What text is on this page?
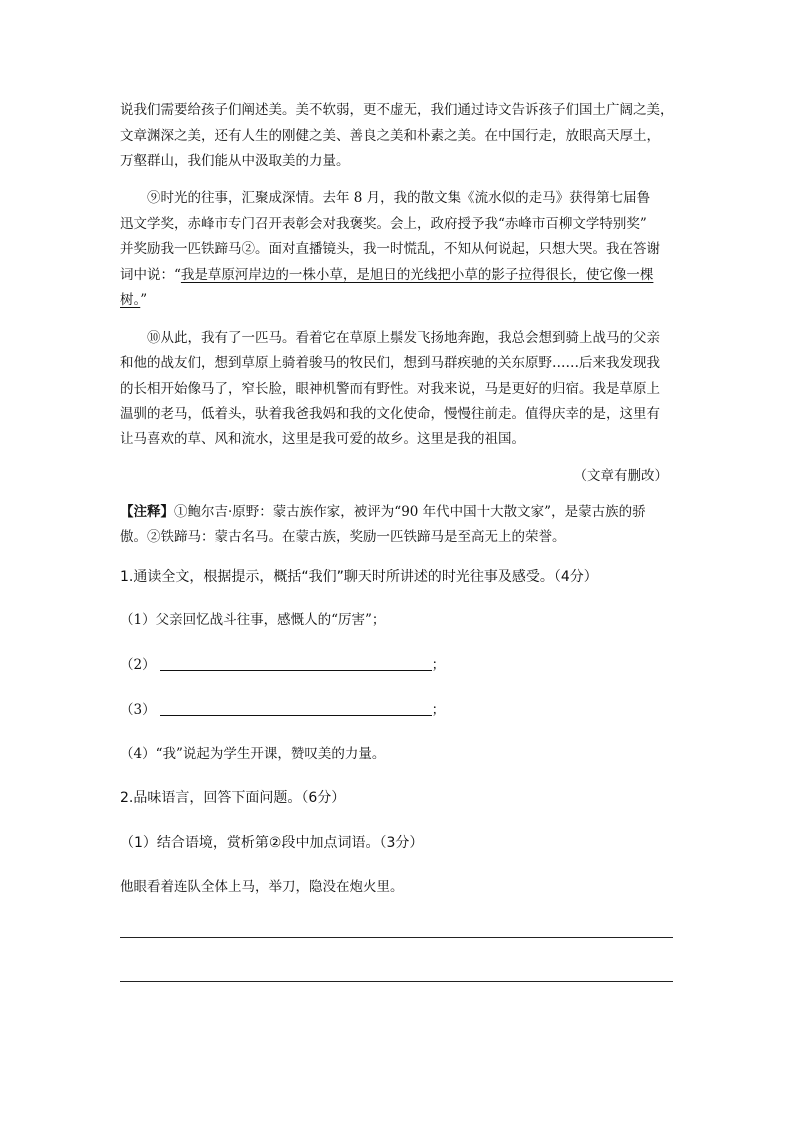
说我们需要给孩子们阐述美。美不软弱，更不虚无，我们通过诗文告诉孩子们国土广阔之美，
文章渊深之美，还有人生的刚健之美、善良之美和朴素之美。在中国行走，放眼高天厚土，
万壑群山，我们能从中汲取美的力量。
⑨时光的往事，汇聚成深情。去年 8 月，我的散文集《流水似的走马》获得第七届鲁
迅文学奖，赤峰市专门召开表彰会对我褒奖。会上，政府授予我“赤峰市百柳文学特别奖”
并奖励我一匹铁蹄马②。面对直播镜头，我一时慌乱，不知从何说起，只想大哭。我在答谢
词中说：“我是草原河岸边的一株小草，是旭日的光线把小草的影子拉得很长，使它像一棵
树。”
⑩从此，我有了一匹马。看着它在草原上鬃发飞扬地奔跑，我总会想到骑上战马的父亲
和他的战友们，想到草原上骑着骏马的牧民们，想到马群疾驰的关东原野……后来我发现我
的长相开始像马了，窄长脸，眼神机警而有野性。对我来说，马是更好的归宿。我是草原上
温驯的老马，低着头，驮着我爸我妈和我的文化使命，慢慢往前走。值得庆幸的是，这里有
让马喜欢的草、风和流水，这里是我可爱的故乡。这里是我的祖国。
（文章有删改）
【注释】①鲍尔吉·原野：蒙古族作家，被评为“90 年代中国十大散文家”，是蒙古族的骄
傲。②铁蹄马：蒙古名马。在蒙古族，奖励一匹铁蹄马是至高无上的荣誉。
1.通读全文，根据提示，概括“我们”聊天时所讲述的时光往事及感受。（4分）
（1）父亲回忆战斗往事，感慨人的“厉害”；
（2）	；
（3）	；
（4）“我”说起为学生开课，赞叹美的力量。
2.品味语言，回答下面问题。（6分）
（1）结合语境，赏析第②段中加点词语。（3分）
他眼看着连队全体上马，举刀，隐没在炮火里。
